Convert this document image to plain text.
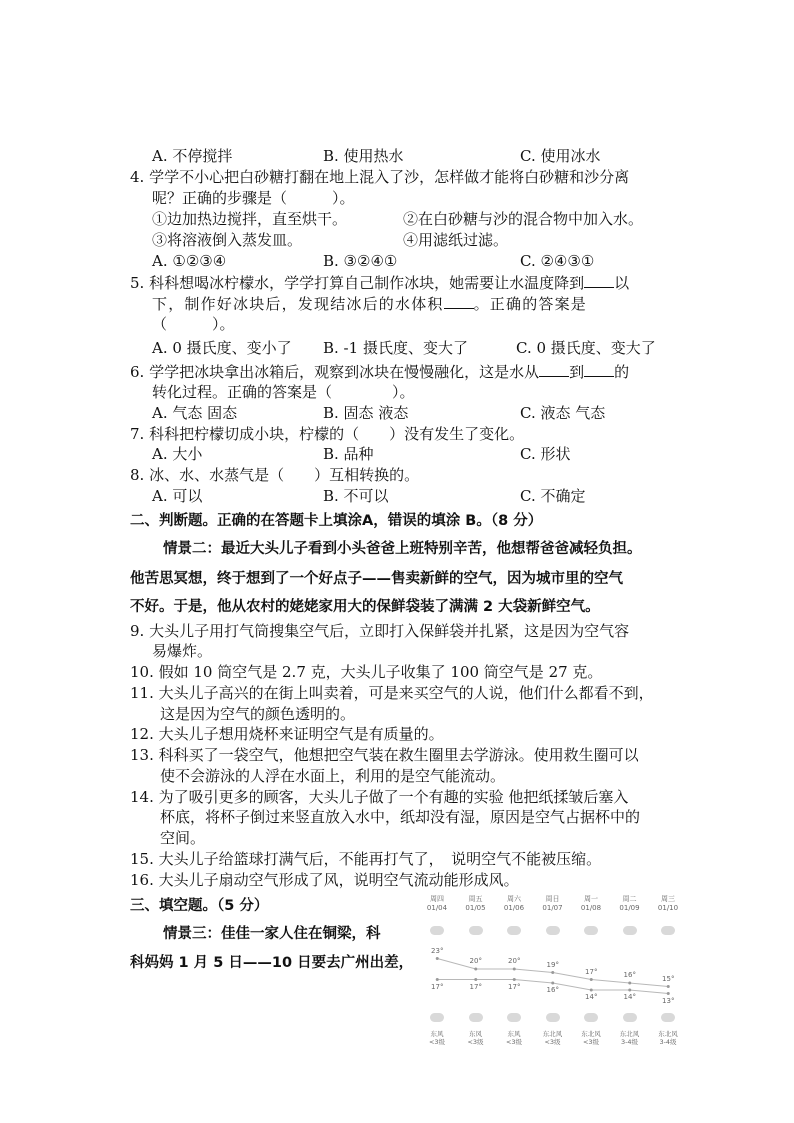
A. 不停搅拌	B. 使用热水	C. 使用冰水
4. 学学不小心把白砂糖打翻在地上混入了沙，怎样做才能将白砂糖和沙分离
呢？正确的步骤是（　　　）。
①边加热边搅拌，直至烘干。	②在白砂糖与沙的混合物中加入水。
③将溶液倒入蒸发皿。	④用滤纸过滤。
A. ①②③④	B. ③②④①	C. ②④③①
5. 科科想喝冰柠檬水，学学打算自己制作冰块，她需要让水温度降到 以
下，制作好冰块后，发现结冰后的水体积 。正确的答案是
（　　　）。
A. 0 摄氏度、变小了 B. -1 摄氏度、变大了	C. 0 摄氏度、变大了
6. 学学把冰块拿出冰箱后，观察到冰块在慢慢融化，这是水从 到 的
转化过程。正确的答案是（　　　　）。
A. 气态 固态	B. 固态 液态	C. 液态 气态
7. 科科把柠檬切成小块，柠檬的（　　）没有发生了变化。
A. 大小	B. 品种	C. 形状
8. 冰、水、水蒸气是（　　）互相转换的。
A. 可以	B. 不可以	C. 不确定
二、判断题。正确的在答题卡上填涂A，错误的填涂 B。（8 分）
情景二：最近大头儿子看到小头爸爸上班特别辛苦，他想帮爸爸减轻负担。
他苦思冥想，终于想到了一个好点子——售卖新鲜的空气，因为城市里的空气
不好。于是，他从农村的姥姥家用大的保鲜袋装了满满 2 大袋新鲜空气。
9. 大头儿子用打气筒搜集空气后，立即打入保鲜袋并扎紧，这是因为空气容
易爆炸。
10. 假如 10 筒空气是 2.7 克，大头儿子收集了 100 筒空气是 27 克。
11. 大头儿子高兴的在街上叫卖着，可是来买空气的人说，他们什么都看不到，
这是因为空气的颜色透明的。
12. 大头儿子想用烧杯来证明空气是有质量的。
13. 科科买了一袋空气，他想把空气装在救生圈里去学游泳。使用救生圈可以
使不会游泳的人浮在水面上，利用的是空气能流动。
14. 为了吸引更多的顾客，大头儿子做了一个有趣的实验 他把纸揉皱后塞入
杯底，将杯子倒过来竖直放入水中，纸却没有湿，原因是空气占据杯中的
空间。
15. 大头儿子给篮球打满气后，不能再打气了，　说明空气不能被压缩。
16. 大头儿子扇动空气形成了风，说明空气流动能形成风。
三、填空题。（5 分）
情景三：佳佳一家人住在铜梁，科
科妈妈 1 月 5 日——10 日要去广州出差，
周四
01/04
23°
17°
东风
<3级
周五
01/05
20°
17°
东风
<3级
周六
01/06
20°
17°
东风
<3级
周日
01/07
19°
16°
东北风
<3级
周一
01/08
17°
14°
东北风
<3级
周二
01/09
16°
14°
东北风
3-4级
周三
01/10
15°
13°
东北风
3-4级
